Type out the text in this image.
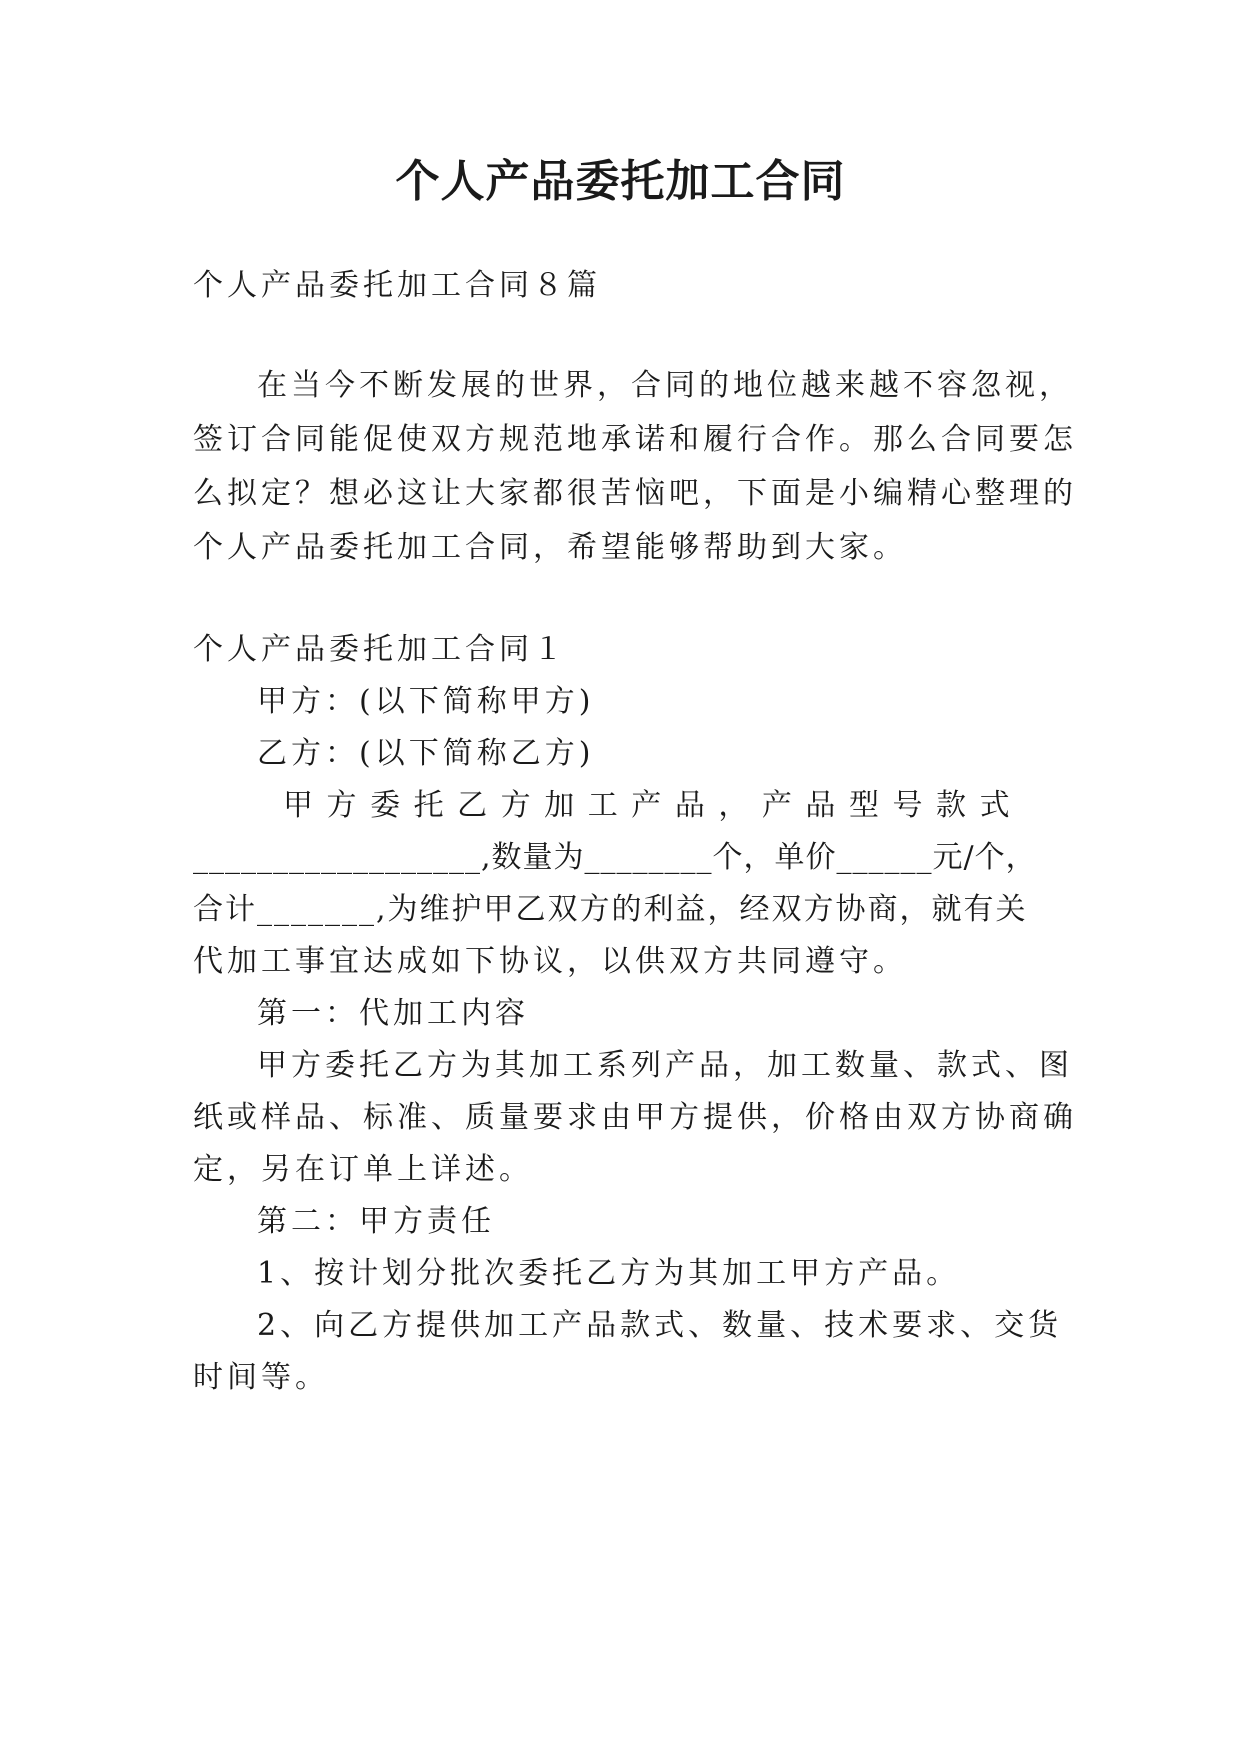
个人产品委托加工合同
个人产品委托加工合同８篇
在当今不断发展的世界，合同的地位越来越不容忽视，
签订合同能促使双方规范地承诺和履行合作。那么合同要怎
么拟定？想必这让大家都很苦恼吧，下面是小编精心整理的
个人产品委托加工合同，希望能够帮助到大家。
个人产品委托加工合同１
甲方：(以下简称甲方)
乙方：(以下简称乙方)
甲 方 委 托 乙 方 加 工 产 品 ， 产 品 型 号 款 式
__________________,数量为________个，单价______元/个，
合计_______,为维护甲乙双方的利益，经双方协商，就有关
代加工事宜达成如下协议，以供双方共同遵守。
第一：代加工内容
甲方委托乙方为其加工系列产品，加工数量、款式、图
纸或样品、标准、质量要求由甲方提供，价格由双方协商确
定，另在订单上详述。
第二：甲方责任
1、按计划分批次委托乙方为其加工甲方产品。
2、向乙方提供加工产品款式、数量、技术要求、交货
时间等。
